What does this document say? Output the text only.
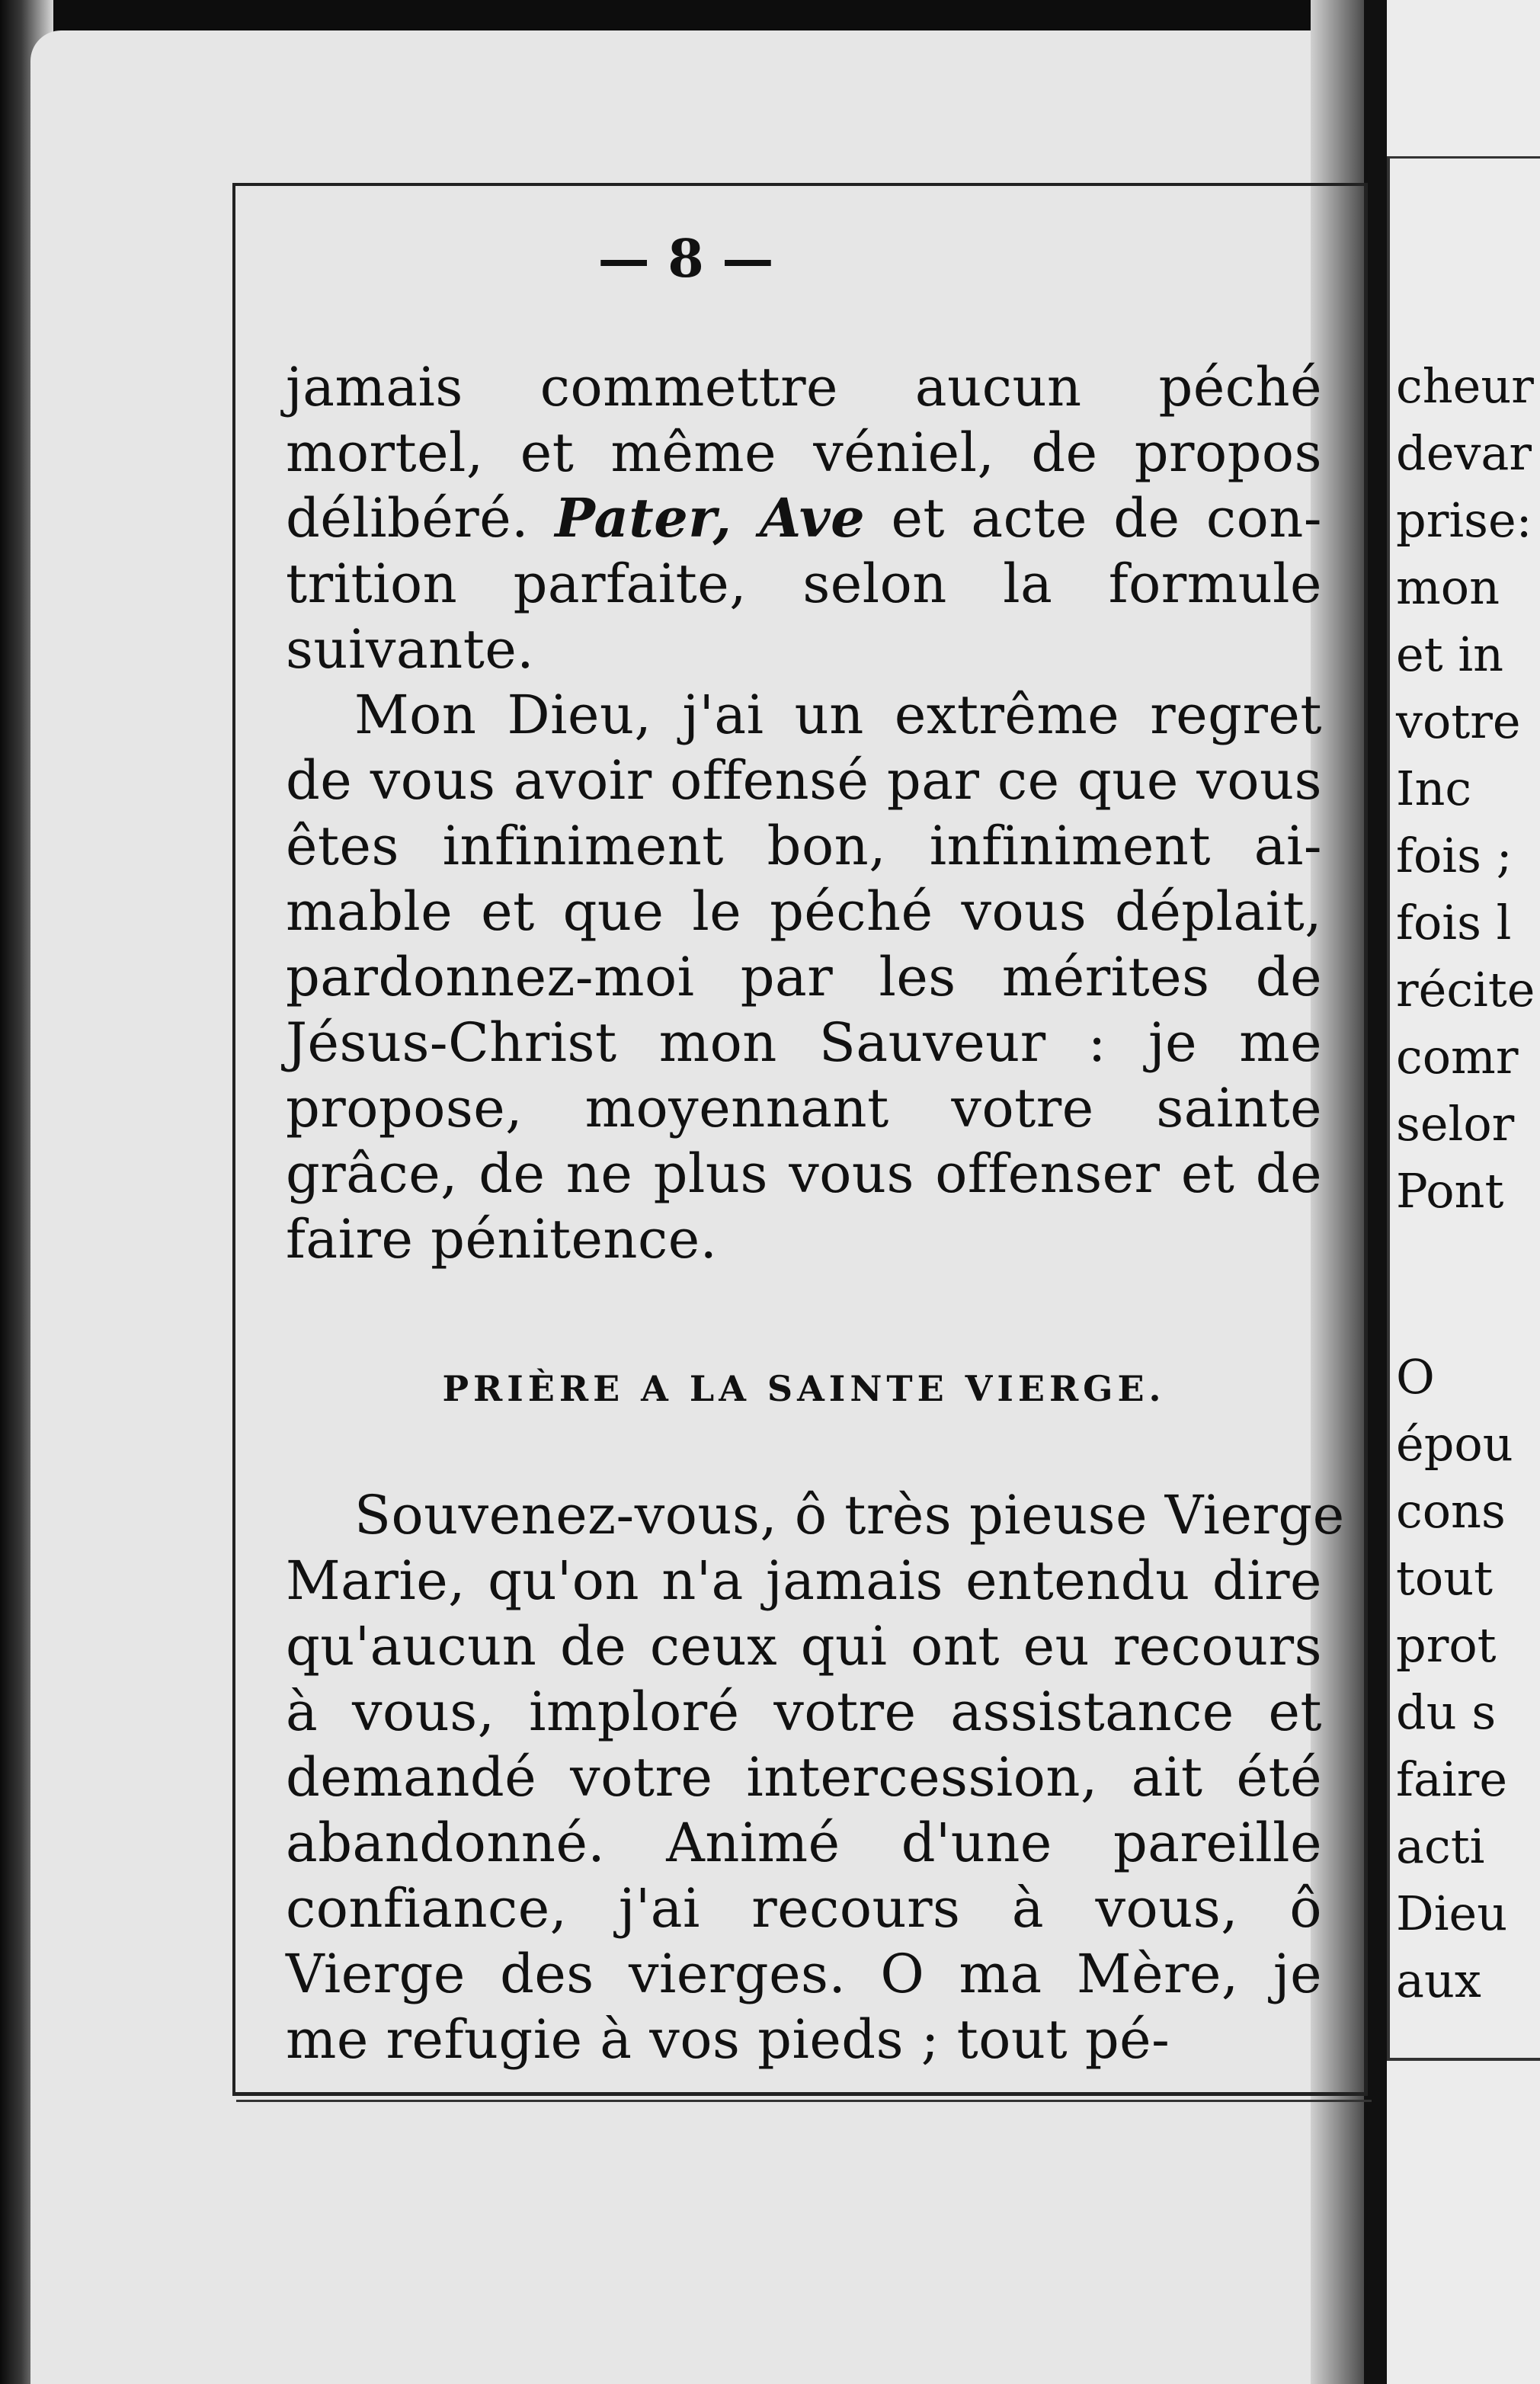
cheur
devar
prise:
mon
et in
votre
Inc
fois ;
fois l
récite
comr
selor
Pont
O
épou
cons
tout
prot
du s
faire
acti
Dieu
aux
— 8 —

jamais commettre aucun péché
mortel, et même véniel, de propos
délibéré. Pater, Ave et acte de con-
trition parfaite, selon la formule
suivante.

Mon Dieu, j'ai un extrême regret
de vous avoir offensé par ce que vous
êtes infiniment bon, infiniment ai-
mable et que le péché vous déplait,
pardonnez-moi par les mérites de
Jésus-Christ mon Sauveur : je me
propose, moyennant votre sainte
grâce, de ne plus vous offenser et de
faire pénitence.

PRIÈRE A LA SAINTE VIERGE.

Souvenez-vous, ô très pieuse Vierge
Marie, qu'on n'a jamais entendu dire
qu'aucun de ceux qui ont eu recours
à vous, imploré votre assistance et
demandé votre intercession, ait été
abandonné. Animé d'une pareille
confiance, j'ai recours à vous, ô
Vierge des vierges. O ma Mère, je
me refugie à vos pieds ; tout pé-
